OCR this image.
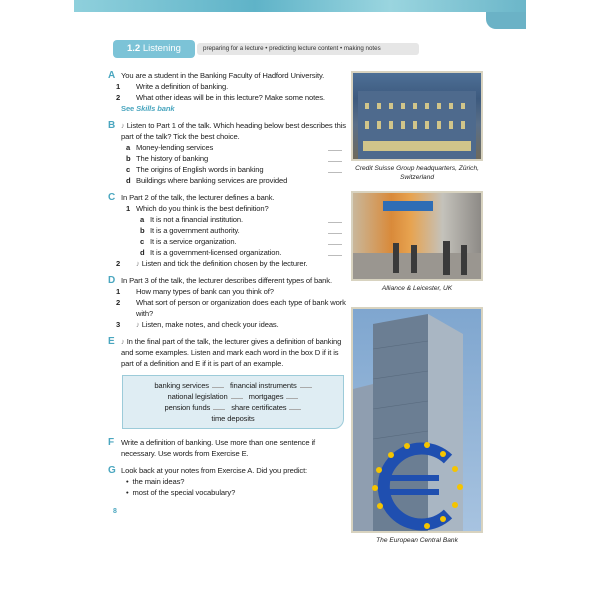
1.2 Listening	preparing for a lecture • predicting lecture content • making notes
A You are a student in the Banking Faculty of Hadford University.
1 Write a definition of banking.
2 What other ideas will be in this lecture? Make some notes.
See Skills bank
B ♪ Listen to Part 1 of the talk. Which heading below best describes this part of the talk? Tick the best choice.
a Money-lending services
b The history of banking
c The origins of English words in banking
d Buildings where banking services are provided
C In Part 2 of the talk, the lecturer defines a bank.
1 Which do you think is the best definition?
a It is not a financial institution.
b It is a government authority.
c It is a service organization.
d It is a government-licensed organization.
2 ♪ Listen and tick the definition chosen by the lecturer.
D In Part 3 of the talk, the lecturer describes different types of bank.
1 How many types of bank can you think of?
2 What sort of person or organization does each type of bank work with?
3 ♪ Listen, make notes, and check your ideas.
E ♪ In the final part of the talk, the lecturer gives a definition of banking and some examples. Listen and mark each word in the box D if it is part of a definition and E if it is part of an example.
banking services	financial instruments
national legislation	mortgages
pension funds	share certificates
time deposits
F Write a definition of banking. Use more than one sentence if necessary. Use words from Exercise E.
G Look back at your notes from Exercise A. Did you predict:
•  the main ideas?
•  most of the special vocabulary?
8
Credit Suisse Group headquarters, Zürich, Switzerland
Alliance & Leicester, UK
The European Central Bank
